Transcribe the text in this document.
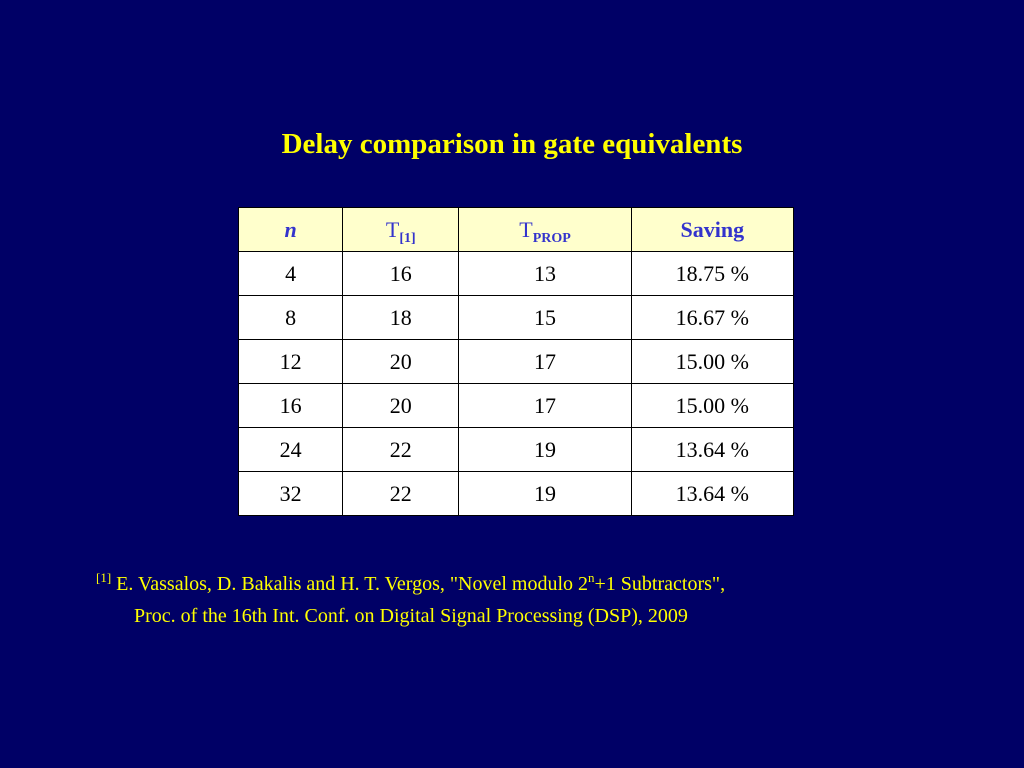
Delay comparison in gate equivalents
n	$T_{[1]}$	$T_{PROP}$	Saving
4	16	13	18.75 %
8	18	15	16.67 %
12	20	17	15.00 %
16	20	17	15.00 %
24	22	19	13.64 %
32	22	19	13.64 %
[1] E. Vassalos, D. Bakalis and H. T. Vergos, "Novel modulo $2^n+1$ Subtractors",
Proc. of the 16th Int. Conf. on Digital Signal Processing (DSP), 2009
